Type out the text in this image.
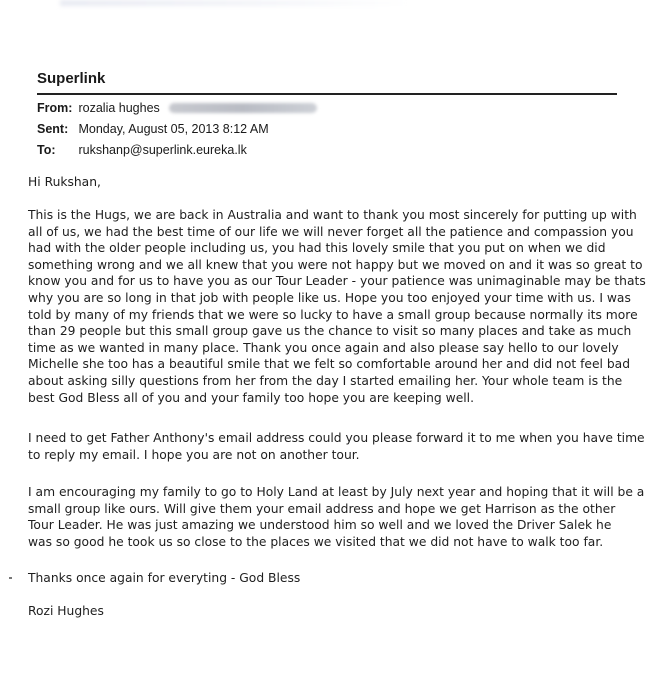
Superlink
From: rozalia hughes
Sent: Monday, August 05, 2013 8:12 AM
To: rukshanp@superlink.eureka.lk
Hi Rukshan,
This is the Hugs, we are back in Australia and want to thank you most sincerely for putting up with
all of us, we had the best time of our life we will never forget all the patience and compassion you
had with the older people including us, you had this lovely smile that you put on when we did
something wrong and we all knew that you were not happy but we moved on and it was so great to
know you and for us to have you as our Tour Leader - your patience was unimaginable may be thats
why you are so long in that job with people like us. Hope you too enjoyed your time with us. I was
told by many of my friends that we were so lucky to have a small group because normally its more
than 29 people but this small group gave us the chance to visit so many places and take as much
time as we wanted in many place. Thank you once again and also please say hello to our lovely
Michelle she too has a beautiful smile that we felt so comfortable around her and did not feel bad
about asking silly questions from her from the day I started emailing her. Your whole team is the
best God Bless all of you and your family too hope you are keeping well.
I need to get Father Anthony's email address could you please forward it to me when you have time
to reply my email. I hope you are not on another tour.
I am encouraging my family to go to Holy Land at least by July next year and hoping that it will be a
small group like ours. Will give them your email address and hope we get Harrison as the other
Tour Leader. He was just amazing we understood him so well and we loved the Driver Salek he
was so good he took us so close to the places we visited that we did not have to walk too far.
Thanks once again for everyting - God Bless
Rozi Hughes
